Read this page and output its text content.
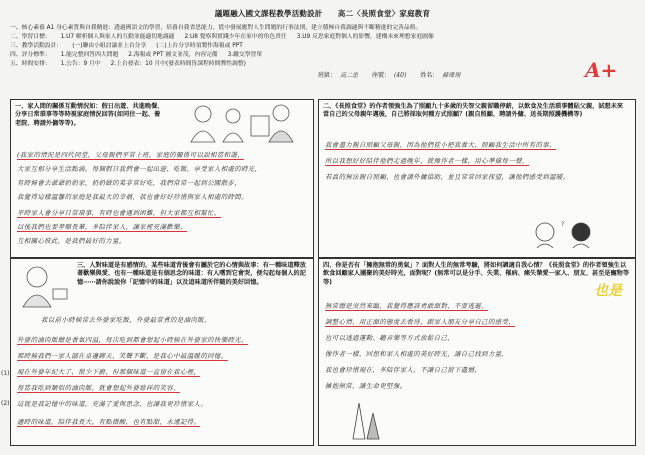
議題融入國文課程教學活動設計　　高二〈長照食堂〉家庭教育
一、核心素養 A1 身心素質與自我精進：透過國語文的學習，培養自我省思能力，從中發展應對人生問題的行事法則，建立積極自我調適與不斷精進的完善品格。
二、學習目標： 1.U7 解析個人與家人的互動並能適切地調適 2.U8 覺察與實踐少年在家中的角色責任 3.U9 反思家庭對個人的影響，建構未來理想家庭圖像
三、教學活動設計： (一)聯由小組討論並上台分享 (二)上台分享時須製作海報或 PPT
四、評分標準： 1.能完整回答四大問題 2.海報或 PPT 圖文並茂，內容完備 3.繳交學習單
五、時間安排： 1.公告：9 月中 2.上台發表：10 月中(發表時間皆課程時間彈性調整)
班級： 高二忠 座號： (40) 姓名： 蘇瑋翔	A+
一、家人間的關係互動情況如：假日出遊、共進晚餐、分享日常瑣事等等時視家庭情況回答(如同住一起、養老院、聘請外傭等等)。
(我家的情況是四代同堂，父母親們平常上班。家庭的關係可以說相當和諧，
大家互相分享生活點滴。每個假日我們會一起出遊、吃飯，享受家人相處的時光，
有時候會去爺爺奶奶家，奶奶做的菜非常好吃，我們常常一起到公園散步，
我覺得這樣溫馨的家庭是我最大的幸福，我也會好好珍惜與家人相處的時間。
平時家人會分享日常瑣事，有時也會遇到困難，但大家都互相幫忙，
以後我們也要孝順長輩，多陪伴家人，讓家裡充滿歡樂，
互相關心彼此，是我們最好的力量。
二、《長照食堂》的作者領強生為了照顧九十多歲的失智父親留職停薪，以飲食及生活瑣事體貼父親，試想未來當自己的父母親年邁後，自己將採取何種方式照顧？(親自照顧、聘請外傭、送長期照護機構等)
我會盡力親自照顧父母親，因為他們從小把我養大，照顧我生活中所有的事，
所以我想好好陪伴他們走過晚年，就像作者一樣，用心準備每一餐，
若真的無法親自照顧，也會請外傭協助，並且常常回家探望，讓他們感受到溫暖。
?
三、人對味道是有感情的，某些味道背後會有屬於它的心情與故事：有一種味道釋放著歡樂與愛、也有一種味道是有個思念的味道：有人嚐到它會哭，便勾起每個人的記憶⋯⋯請你說說你「記憶中的味道」以及追味道所伴隨的美好回憶。
我以前小時候常去外婆家吃飯，外婆最常煮的是滷肉飯，
外婆的滷肉飯總是香氣四溢，每次吃到都會想起小時候在外婆家的快樂時光，
那時候我們一家人圍在桌邊聊天，笑聲不斷，是我心中最溫暖的回憶。
現在外婆年紀大了，很少下廚，但那個味道一直留在我心裡，
每當我吃到類似的滷肉飯，就會想起外婆慈祥的笑容，
這就是我記憶中的味道，充滿了愛與思念，也讓我更珍惜家人。
適時的味道，陪伴我長大，有點微酸，也有點甜，永遠記得。
(1)
(2)
四、你是否有「擁抱無常的勇氣」？面對人生的無常考驗，將如何調適自我心情？《長照食堂》的作者領強生以飲食回顧家人團聚的美好時光，面對呢？(無常可以是分手、失業、罹病、痛失摯愛一家人、朋友、甚至是寵物等等)
無常總是突然來臨，我覺得應該勇敢面對，不要逃避，
調整心情，用正面的態度去看待，跟家人朋友分享自己的感受，
也可以透過運動、聽音樂等方式放鬆自己，
像作者一樣，回想和家人相處的美好時光，讓自己找到力量，
我也會珍惜現在，多陪伴家人，不讓自己留下遺憾，
擁抱無常，讓生命更堅強。
也是
